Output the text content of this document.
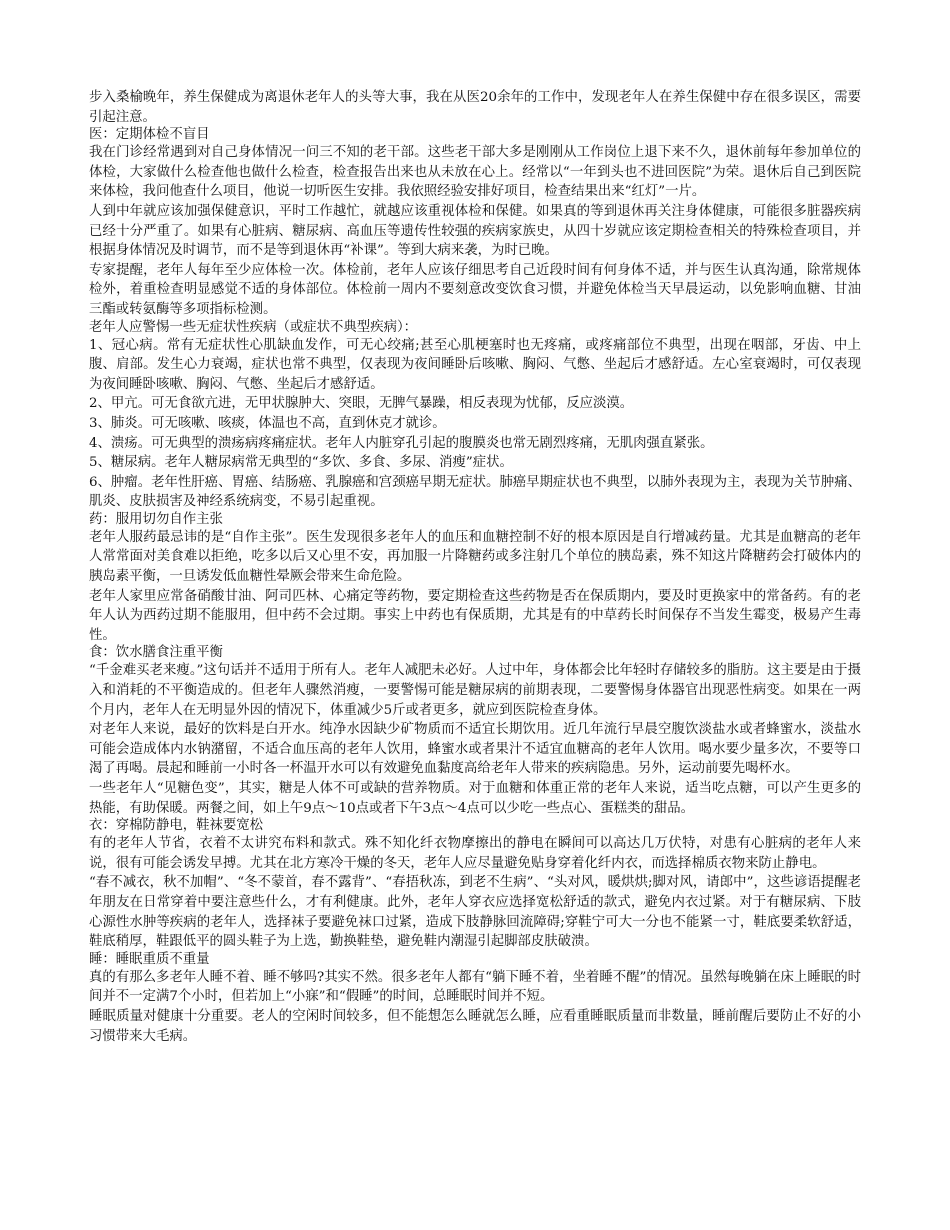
步入桑榆晚年，养生保健成为离退休老年人的头等大事，我在从医20余年的工作中，发现老年人在养生保健中存在很多误区，需要引起注意。

医：定期体检不盲目

我在门诊经常遇到对自己身体情况一问三不知的老干部。这些老干部大多是刚刚从工作岗位上退下来不久，退休前每年参加单位的体检，大家做什么检查他也做什么检查，检查报告出来也从未放在心上。经常以“一年到头也不进回医院”为荣。退休后自己到医院来体检，我问他查什么项目，他说一切听医生安排。我依照经验安排好项目，检查结果出来“红灯”一片。

人到中年就应该加强保健意识，平时工作越忙，就越应该重视体检和保健。如果真的等到退休再关注身体健康，可能很多脏器疾病已经十分严重了。如果有心脏病、糖尿病、高血压等遗传性较强的疾病家族史，从四十岁就应该定期检查相关的特殊检查项目，并根据身体情况及时调节，而不是等到退休再“补课”。等到大病来袭，为时已晚。

专家提醒，老年人每年至少应体检一次。体检前，老年人应该仔细思考自己近段时间有何身体不适，并与医生认真沟通，除常规体检外，着重检查明显感觉不适的身体部位。体检前一周内不要刻意改变饮食习惯，并避免体检当天早晨运动，以免影响血糖、甘油三酯或转氨酶等多项指标检测。

老年人应警惕一些无症状性疾病（或症状不典型疾病）：

1、冠心病。常有无症状性心肌缺血发作，可无心绞痛;甚至心肌梗塞时也无疼痛，或疼痛部位不典型，出现在咽部，牙齿、中上腹、肩部。发生心力衰竭，症状也常不典型，仅表现为夜间睡卧后咳嗽、胸闷、气憋、坐起后才感舒适。左心室衰竭时，可仅表现为夜间睡卧咳嗽、胸闷、气憋、坐起后才感舒适。

2、甲亢。可无食欲亢进，无甲状腺肿大、突眼，无脾气暴躁，相反表现为忧郁，反应淡漠。

3、肺炎。可无咳嗽、咳痰，体温也不高，直到休克才就诊。

4、溃疡。可无典型的溃疡病疼痛症状。老年人内脏穿孔引起的腹膜炎也常无剧烈疼痛，无肌肉强直紧张。

5、糖尿病。老年人糖尿病常无典型的“多饮、多食、多尿、消瘦”症状。

6、肿瘤。老年性肝癌、胃癌、结肠癌、乳腺癌和宫颈癌早期无症状。肺癌早期症状也不典型，以肺外表现为主，表现为关节肿痛、肌炎、皮肤损害及神经系统病变，不易引起重视。

药：服用切勿自作主张

老年人服药最忌讳的是“自作主张”。医生发现很多老年人的血压和血糖控制不好的根本原因是自行增减药量。尤其是血糖高的老年人常常面对美食难以拒绝，吃多以后又心里不安，再加服一片降糖药或多注射几个单位的胰岛素，殊不知这片降糖药会打破体内的胰岛素平衡，一旦诱发低血糖性晕厥会带来生命危险。

老年人家里应常备硝酸甘油、阿司匹林、心痛定等药物，要定期检查这些药物是否在保质期内，要及时更换家中的常备药。有的老年人认为西药过期不能服用，但中药不会过期。事实上中药也有保质期，尤其是有的中草药长时间保存不当发生霉变，极易产生毒性。

食：饮水膳食注重平衡

“千金难买老来瘦。”这句话并不适用于所有人。老年人减肥未必好。人过中年，身体都会比年轻时存储较多的脂肪。这主要是由于摄入和消耗的不平衡造成的。但老年人骤然消瘦，一要警惕可能是糖尿病的前期表现，二要警惕身体器官出现恶性病变。如果在一两个月内，老年人在无明显外因的情况下，体重减少5斤或者更多，就应到医院检查身体。

对老年人来说，最好的饮料是白开水。纯净水因缺少矿物质而不适宜长期饮用。近几年流行早晨空腹饮淡盐水或者蜂蜜水，淡盐水可能会造成体内水钠潴留，不适合血压高的老年人饮用，蜂蜜水或者果汁不适宜血糖高的老年人饮用。喝水要少量多次，不要等口渴了再喝。晨起和睡前一小时各一杯温开水可以有效避免血黏度高给老年人带来的疾病隐患。另外，运动前要先喝杯水。

一些老年人“见糖色变”，其实，糖是人体不可或缺的营养物质。对于血糖和体重正常的老年人来说，适当吃点糖，可以产生更多的热能，有助保暖。两餐之间，如上午9点～10点或者下午3点～4点可以少吃一些点心、蛋糕类的甜品。

衣：穿棉防静电，鞋袜要宽松

有的老年人节省，衣着不太讲究布料和款式。殊不知化纤衣物摩擦出的静电在瞬间可以高达几万伏特，对患有心脏病的老年人来说，很有可能会诱发早搏。尤其在北方寒冷干燥的冬天，老年人应尽量避免贴身穿着化纤内衣，而选择棉质衣物来防止静电。

“春不减衣，秋不加帽”、“冬不蒙首，春不露背”、“春捂秋冻，到老不生病”、“头对风，暖烘烘;脚对风，请郎中”，这些谚语提醒老年朋友在日常穿着中要注意些什么，才有利健康。此外，老年人穿衣应选择宽松舒适的款式，避免内衣过紧。对于有糖尿病、下肢心源性水肿等疾病的老年人，选择袜子要避免袜口过紧，造成下肢静脉回流障碍;穿鞋宁可大一分也不能紧一寸，鞋底要柔软舒适，鞋底稍厚，鞋跟低平的圆头鞋子为上选，勤换鞋垫，避免鞋内潮湿引起脚部皮肤破溃。

睡：睡眠重质不重量

真的有那么多老年人睡不着、睡不够吗?其实不然。很多老年人都有“躺下睡不着，坐着睡不醒”的情况。虽然每晚躺在床上睡眠的时间并不一定满7个小时，但若加上“小寐”和“假睡”的时间，总睡眠时间并不短。

睡眠质量对健康十分重要。老人的空闲时间较多，但不能想怎么睡就怎么睡，应看重睡眠质量而非数量，睡前醒后要防止不好的小习惯带来大毛病。
